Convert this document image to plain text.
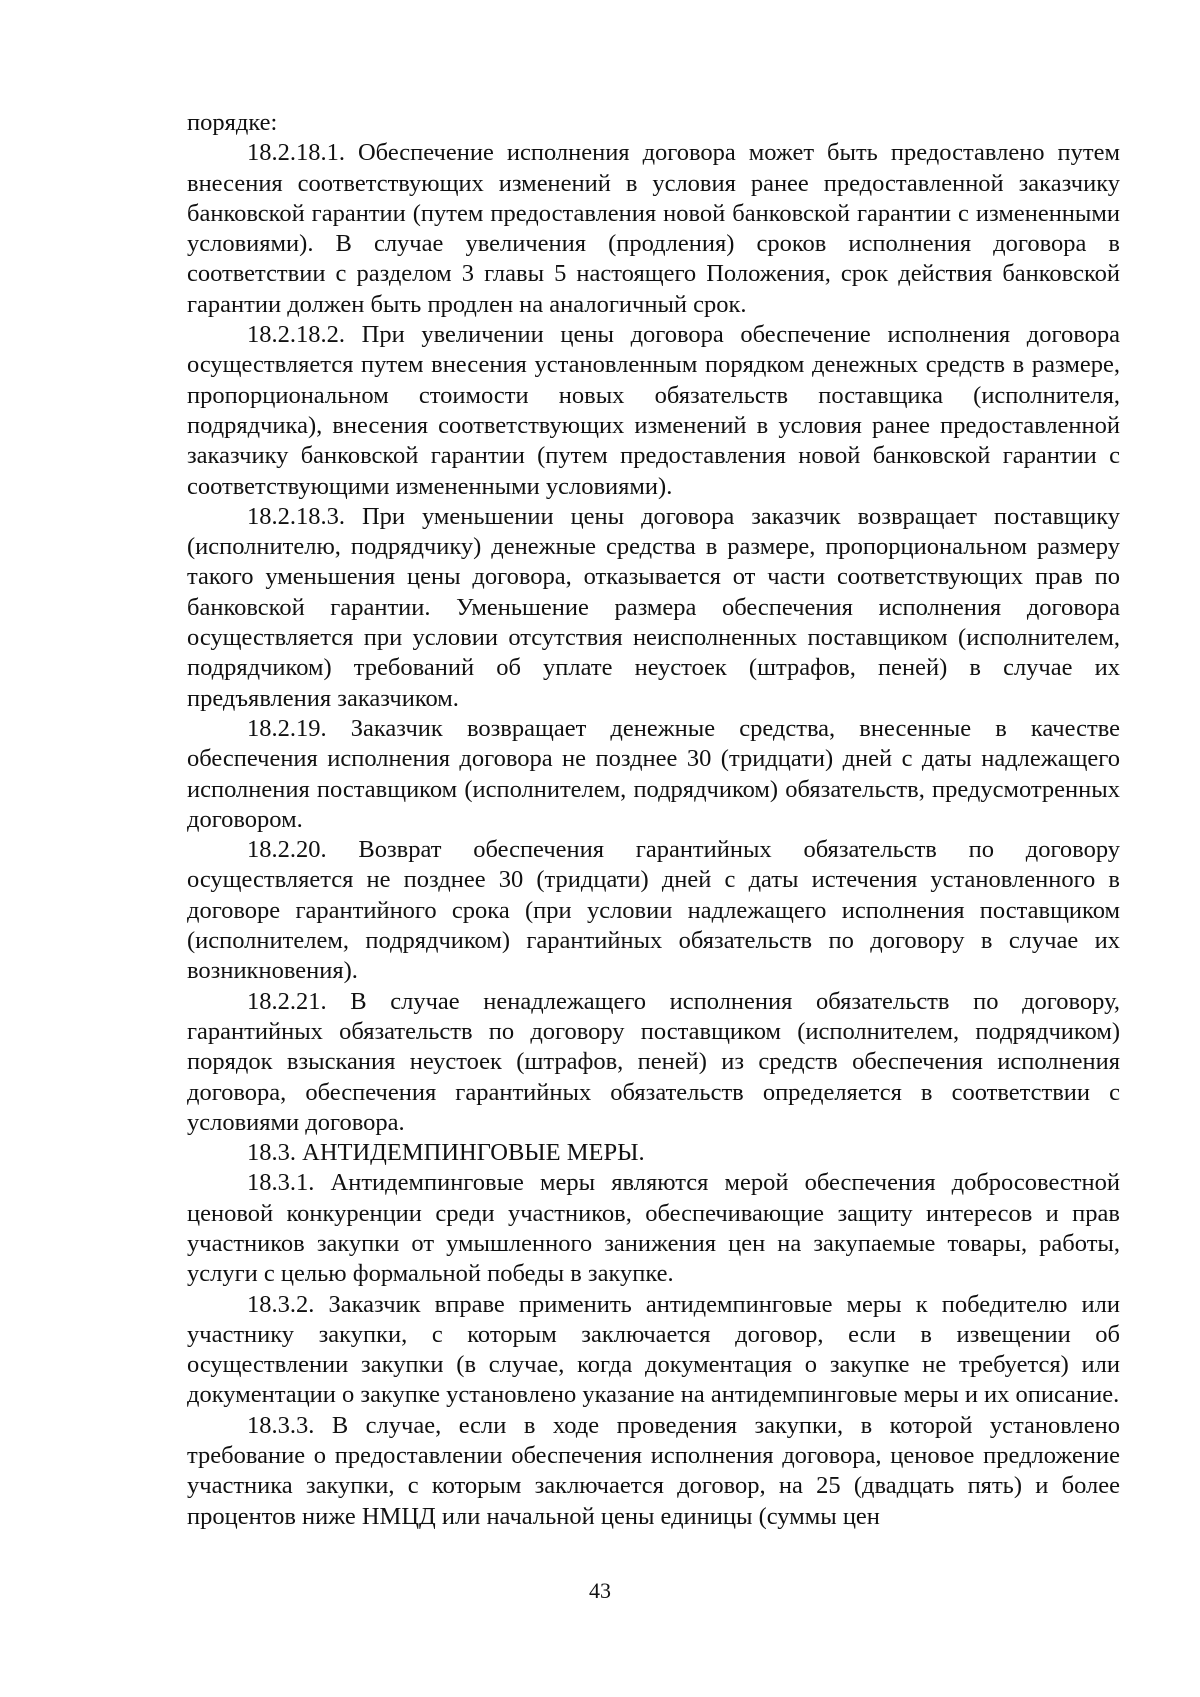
порядке:

18.2.18.1. Обеспечение исполнения договора может быть предоставлено путем внесения соответствующих изменений в условия ранее предоставленной заказчику банковской гарантии (путем предоставления новой банковской гарантии с измененными условиями). В случае увеличения (продления) сроков исполнения договора в соответствии с разделом 3 главы 5 настоящего Положения, срок действия банковской гарантии должен быть продлен на аналогичный срок.

18.2.18.2. При увеличении цены договора обеспечение исполнения договора осуществляется путем внесения установленным порядком денежных средств в размере, пропорциональном стоимости новых обязательств поставщика (исполнителя, подрядчика), внесения соответствующих изменений в условия ранее предоставленной заказчику банковской гарантии (путем предоставления новой банковской гарантии с соответствующими измененными условиями).

18.2.18.3. При уменьшении цены договора заказчик возвращает поставщику (исполнителю, подрядчику) денежные средства в размере, пропорциональном размеру такого уменьшения цены договора, отказывается от части соответствующих прав по банковской гарантии. Уменьшение размера обеспечения исполнения договора осуществляется при условии отсутствия неисполненных поставщиком (исполнителем, подрядчиком) требований об уплате неустоек (штрафов, пеней) в случае их предъявления заказчиком.

18.2.19. Заказчик возвращает денежные средства, внесенные в качестве обеспечения исполнения договора не позднее 30 (тридцати) дней с даты надлежащего исполнения поставщиком (исполнителем, подрядчиком) обязательств, предусмотренных договором.

18.2.20. Возврат обеспечения гарантийных обязательств по договору осуществляется не позднее 30 (тридцати) дней с даты истечения установленного в договоре гарантийного срока (при условии надлежащего исполнения поставщиком (исполнителем, подрядчиком) гарантийных обязательств по договору в случае их возникновения).

18.2.21. В случае ненадлежащего исполнения обязательств по договору, гарантийных обязательств по договору поставщиком (исполнителем, подрядчиком) порядок взыскания неустоек (штрафов, пеней) из средств обеспечения исполнения договора, обеспечения гарантийных обязательств определяется в соответствии с условиями договора.

18.3. АНТИДЕМПИНГОВЫЕ МЕРЫ.

18.3.1. Антидемпинговые меры являются мерой обеспечения добросовестной ценовой конкуренции среди участников, обеспечивающие защиту интересов и прав участников закупки от умышленного занижения цен на закупаемые товары, работы, услуги с целью формальной победы в закупке.

18.3.2. Заказчик вправе применить антидемпинговые меры к победителю или участнику закупки, с которым заключается договор, если в извещении об осуществлении закупки (в случае, когда документация о закупке не требуется) или документации о закупке установлено указание на антидемпинговые меры и их описание.

18.3.3. В случае, если в ходе проведения закупки, в которой установлено требование о предоставлении обеспечения исполнения договора, ценовое предложение участника закупки, с которым заключается договор, на 25 (двадцать пять) и более процентов ниже НМЦД или начальной цены единицы (суммы цен

43
